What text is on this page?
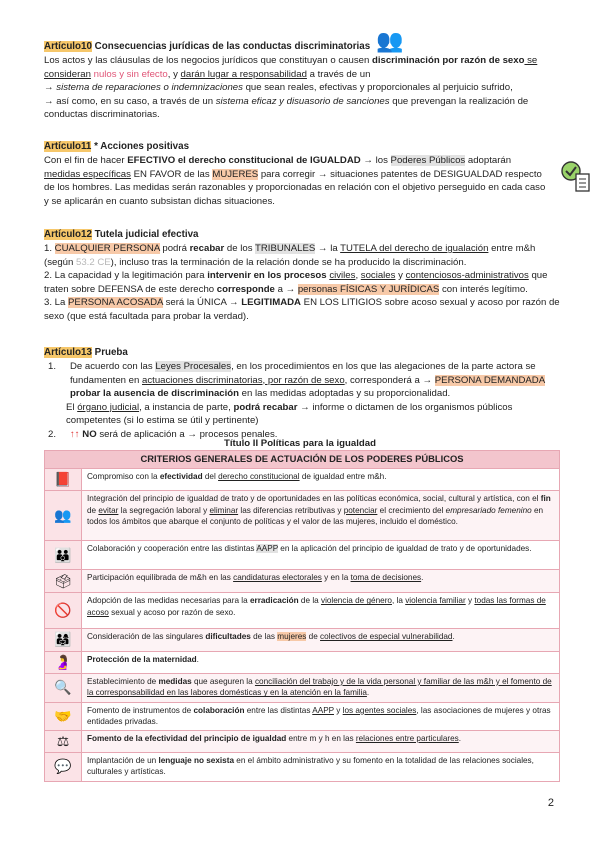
Artículo10 Consecuencias jurídicas de las conductas discriminatorias

Los actos y las cláusulas de los negocios jurídicos que constituyan o causen discriminación por razón de sexo se consideran nulos y sin efecto, y darán lugar a responsabilidad a través de un

→ sistema de reparaciones o indemnizaciones que sean reales, efectivas y proporcionales al perjuicio sufrido,

→ así como, en su caso, a través de un sistema eficaz y disuasorio de sanciones que prevengan la realización de conductas discriminatorias.

👥

Artículo11 * Acciones positivas

Con el fin de hacer EFECTIVO el derecho constitucional de IGUALDAD → los Poderes Públicos adoptarán medidas específicas EN FAVOR de las MUJERES para corregir → situaciones patentes de DESIGUALDAD respecto de los hombres. Las medidas serán razonables y proporcionadas en relación con el objetivo perseguido en cada caso y se aplicarán en cuanto subsistan dichas situaciones.

Artículo12 Tutela judicial efectiva

1. CUALQUIER PERSONA podrá recabar de los TRIBUNALES → la TUTELA del derecho de igualación entre m&h (según 53.2 CE), incluso tras la terminación de la relación donde se ha producido la discriminación.

2. La capacidad y la legitimación para intervenir en los procesos civiles, sociales y contenciosos-administrativos que traten sobre DEFENSA de este derecho corresponde a → personas FÍSICAS Y JURÍDICAS con interés legítimo.

3. La PERSONA ACOSADA será la ÚNICA → LEGITIMADA EN LOS LITIGIOS sobre acoso sexual y acoso por razón de sexo (que está facultada para probar la verdad).

Artículo13 Prueba

1.	De acuerdo con las Leyes Procesales, en los procedimientos en los que las alegaciones de la parte actora se fundamenten en actuaciones discriminatorias, por razón de sexo, corresponderá a → PERSONA DEMANDADA probar la ausencia de discriminación en las medidas adoptadas y su proporcionalidad.

El órgano judicial, a instancia de parte, podrá recabar → informe o dictamen de los organismos públicos competentes (si lo estima se útil y pertinente)

2.	↑↑ NO será de aplicación a → procesos penales.

Título II Políticas para la igualdad
CRITERIOS GENERALES DE ACTUACIÓN DE LOS PODERES PÚBLICOS	
📕	Compromiso con la efectividad del derecho constitucional de igualdad entre m&h.
👥	Integración del principio de igualdad de trato y de oportunidades en las políticas económica, social, cultural y artística, con el fin de evitar la segregación laboral y eliminar las diferencias retributivas y potenciar el crecimiento del empresariado femenino en todos los ámbitos que abarque el conjunto de políticas y el valor de las mujeres, incluido el doméstico.
👪	Colaboración y cooperación entre las distintas AAPP en la aplicación del principio de igualdad de trato y de oportunidades.
🗳	Participación equilibrada de m&h en las candidaturas electorales y en la toma de decisiones.
🚫	Adopción de las medidas necesarias para la erradicación de la violencia de género, la violencia familiar y todas las formas de acoso sexual y acoso por razón de sexo.
👨‍👩‍👧	Consideración de las singulares dificultades de las mujeres de colectivos de especial vulnerabilidad.
🤰	Protección de la maternidad.
🔍	Establecimiento de medidas que aseguren la conciliación del trabajo y de la vida personal y familiar de las m&h y el fomento de la corresponsabilidad en las labores domésticas y en la atención en la familia.
🤝	Fomento de instrumentos de colaboración entre las distintas AAPP y los agentes sociales, las asociaciones de mujeres y otras entidades privadas.
⚖	Fomento de la efectividad del principio de igualdad entre m y h en las relaciones entre particulares.
💬	Implantación de un lenguaje no sexista en el ámbito administrativo y su fomento en la totalidad de las relaciones sociales, culturales y artísticas.
2
